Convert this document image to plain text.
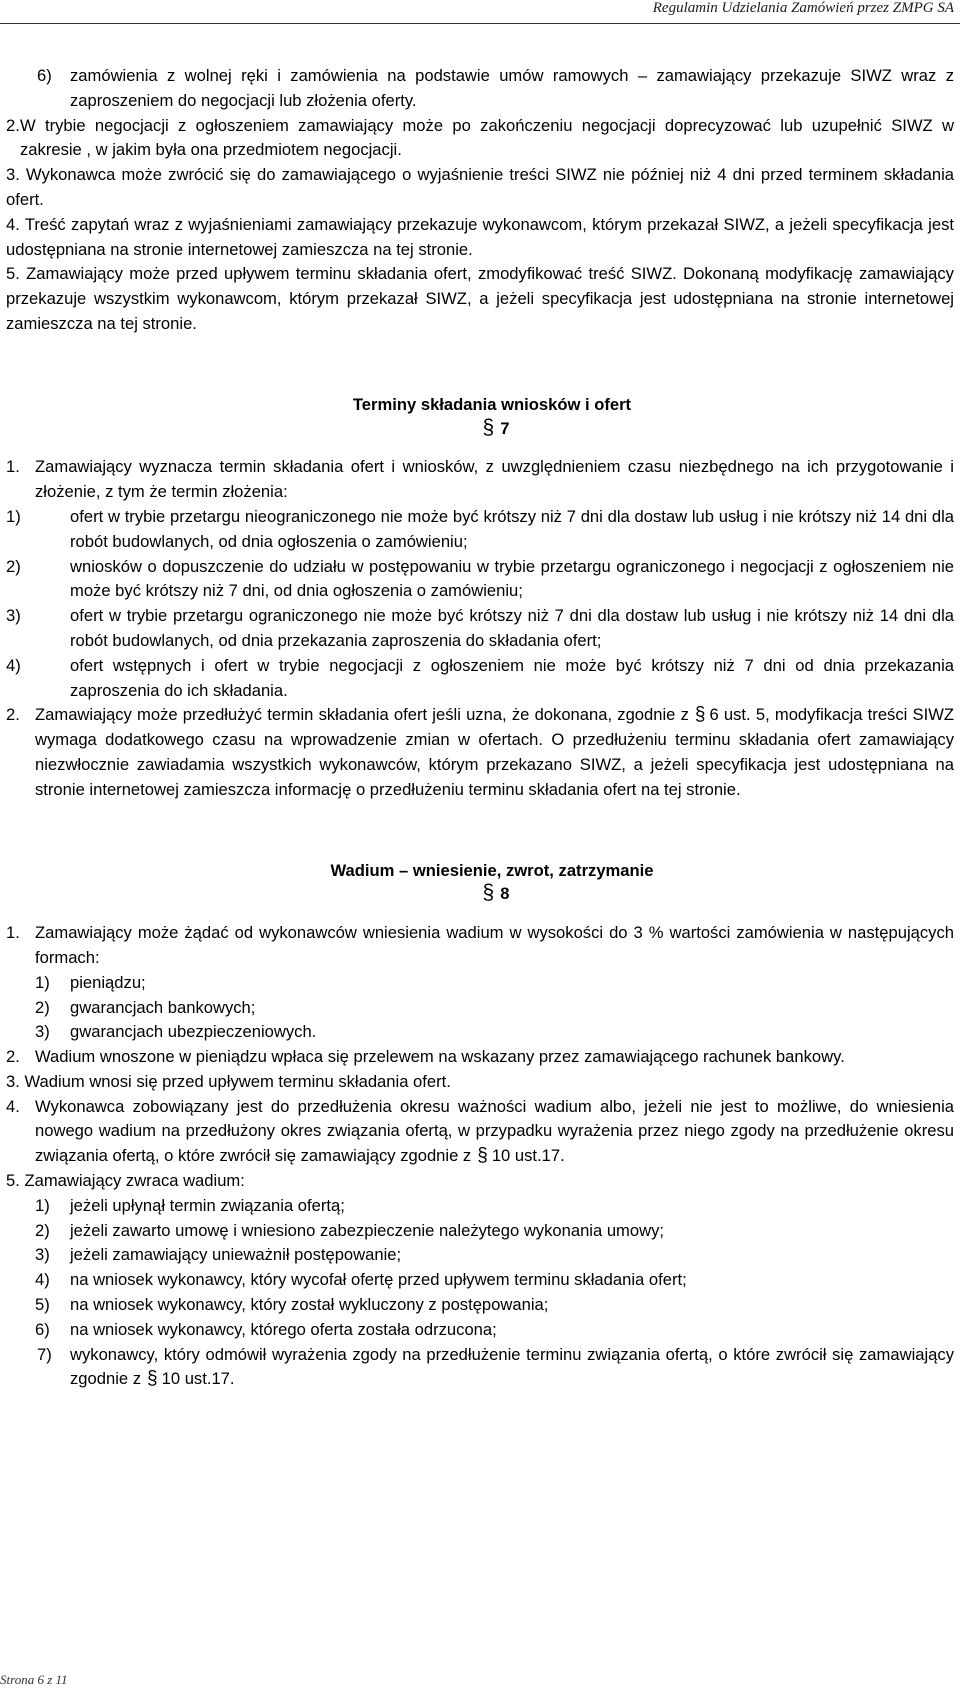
Regulamin Udzielania Zamówień przez ZMPG SA

6) zamówienia z wolnej ręki i zamówienia na podstawie umów ramowych – zamawiający przekazuje SIWZ wraz z zaproszeniem do negocjacji lub złożenia oferty.

2. W trybie negocjacji z ogłoszeniem zamawiający może po zakończeniu negocjacji doprecyzować lub uzupełnić SIWZ w zakresie , w jakim była ona przedmiotem negocjacji.

3. Wykonawca może zwrócić się do zamawiającego o wyjaśnienie treści SIWZ nie później niż 4 dni przed terminem składania ofert.

4. Treść zapytań wraz z wyjaśnieniami zamawiający przekazuje wykonawcom, którym przekazał SIWZ, a jeżeli specyfikacja jest udostępniana na stronie internetowej zamieszcza na tej stronie.

5. Zamawiający może przed upływem terminu składania ofert, zmodyfikować treść SIWZ. Dokonaną modyfikację zamawiający przekazuje wszystkim wykonawcom, którym przekazał SIWZ, a jeżeli specyfikacja jest udostępniana na stronie internetowej zamieszcza na tej stronie.

Terminy składania wniosków i ofert

§ 7

1. Zamawiający wyznacza termin składania ofert i wniosków, z uwzględnieniem czasu niezbędnego na ich przygotowanie i złożenie, z tym że termin złożenia:

1)	ofert w trybie przetargu nieograniczonego nie może być krótszy niż 7 dni dla dostaw lub usług i nie krótszy niż 14 dni dla robót budowlanych, od dnia ogłoszenia o zamówieniu;

2)	wniosków o dopuszczenie do udziału w postępowaniu w trybie przetargu ograniczonego i negocjacji z ogłoszeniem nie może być krótszy niż 7 dni, od dnia ogłoszenia o zamówieniu;

3)	ofert w trybie przetargu ograniczonego nie może być krótszy niż 7 dni dla dostaw lub usług i nie krótszy niż 14 dni dla robót budowlanych, od dnia przekazania zaproszenia do składania ofert;

4)	ofert wstępnych i ofert w trybie negocjacji z ogłoszeniem nie może być krótszy niż 7 dni od dnia przekazania zaproszenia do ich składania.

2. Zamawiający może przedłużyć termin składania ofert jeśli uzna, że dokonana, zgodnie z § 6 ust. 5, modyfikacja treści SIWZ wymaga dodatkowego czasu na wprowadzenie zmian w ofertach. O przedłużeniu terminu składania ofert zamawiający niezwłocznie zawiadamia wszystkich wykonawców, którym przekazano SIWZ, a jeżeli specyfikacja jest udostępniana na stronie internetowej zamieszcza informację o przedłużeniu terminu składania ofert na tej stronie.

Wadium – wniesienie, zwrot, zatrzymanie

§ 8

1. Zamawiający może żądać od wykonawców wniesienia wadium w wysokości do 3 % wartości zamówienia w następujących formach:

1) pieniądzu;

2) gwarancjach bankowych;

3) gwarancjach ubezpieczeniowych.

2. Wadium wnoszone w pieniądzu wpłaca się przelewem na wskazany przez zamawiającego rachunek bankowy.

3. Wadium wnosi się przed upływem terminu składania ofert.

4. Wykonawca zobowiązany jest do przedłużenia okresu ważności wadium albo, jeżeli nie jest to możliwe, do wniesienia nowego wadium na przedłużony okres związania ofertą, w przypadku wyrażenia przez niego zgody na przedłużenie okresu związania ofertą, o które zwrócił się zamawiający zgodnie z § 10 ust.17.

5. Zamawiający zwraca wadium:

1) jeżeli upłynął termin związania ofertą;

2) jeżeli zawarto umowę i wniesiono zabezpieczenie należytego wykonania umowy;

3) jeżeli zamawiający unieważnił postępowanie;

4) na wniosek wykonawcy, który wycofał ofertę przed upływem terminu składania ofert;

5) na wniosek wykonawcy, który został wykluczony z postępowania;

6) na wniosek wykonawcy, którego oferta została odrzucona;

7) wykonawcy, który odmówił wyrażenia zgody na przedłużenie terminu związania ofertą, o które zwrócił się zamawiający zgodnie z § 10 ust.17.

Strona 6 z 11
